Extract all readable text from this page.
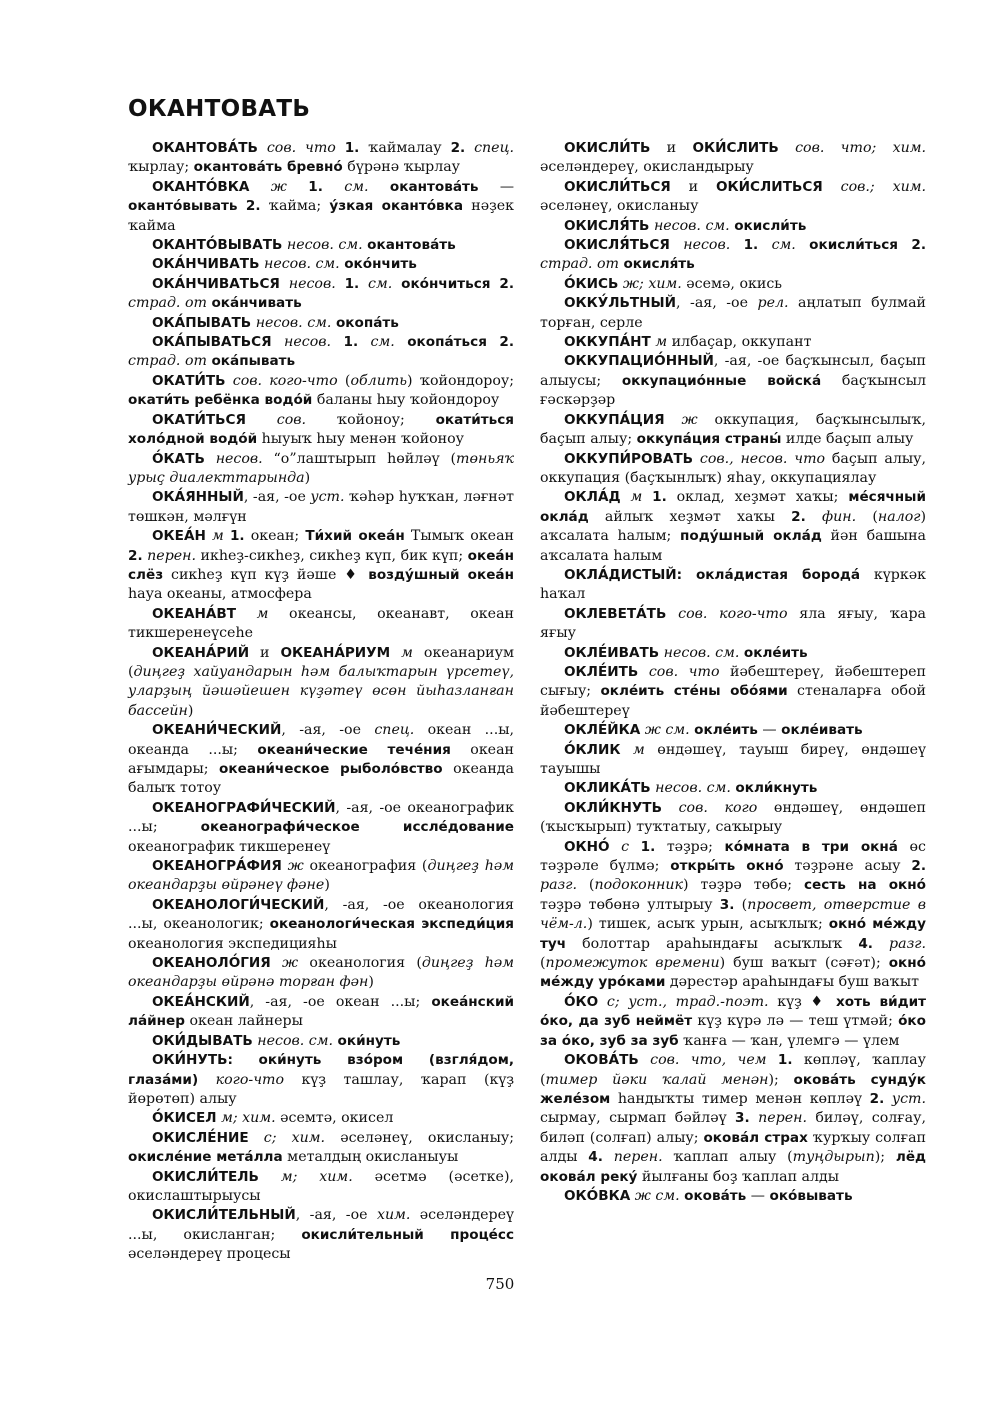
ОКАНТОВАТЬ

ОКАНТОВА́ТЬ сов. что 1. ҡаймалау 2. спец. ҡырлау; окантова́ть бревно́ бүрәнә ҡырлау

ОКАНТО́ВКА ж 1. см. окантова́ть — оканто́вывать 2. ҡайма; у́зкая оканто́вка нәҙек ҡайма

ОКАНТО́ВЫВАТЬ несов. см. окантова́ть

ОКА́НЧИВАТЬ несов. см. око́нчить

ОКА́НЧИВАТЬСЯ несов. 1. см. око́нчиться 2. страд. от ока́нчивать

ОКА́ПЫВАТЬ несов. см. окопа́ть

ОКА́ПЫВАТЬСЯ несов. 1. см. окопа́ться 2. страд. от ока́пывать

ОКАТИ́ТЬ сов. кого-что (облить) ҡойондороу; окати́ть ребёнка водо́й баланы һыу ҡойондороу

ОКАТИ́ТЬСЯ сов. ҡойоноу; окати́ться холо́дной водо́й һыуыҡ һыу менән ҡойоноу

О́КАТЬ несов. “о”лаштырып һөйләү (төньяҡ урыҫ диалекттарында)

ОКА́ЯННЫЙ, -ая, -ое уст. ҡәһәр һуҡҡан, ләғнәт төшкән, мәлғүн

ОКЕА́Н м 1. океан; Ти́хий океа́н Тымыҡ океан 2. перен. икһеҙ-сикһеҙ, сикһеҙ күп, бик күп; океа́н слёз сикһеҙ күп күҙ йәше ♦ возду́шный океа́н һауа океаны, атмосфера

ОКЕАНА́ВТ м океансы, океанавт, океан тикшеренеүсеһе

ОКЕАНА́РИЙ и ОКЕАНА́РИУМ м океанариум (диңгеҙ хайуандарын һәм балыҡтарын үрсетеү, уларҙың йәшәйешен күҙәтеү өсөн йыһазланған бассейн)

ОКЕАНИ́ЧЕСКИЙ, -ая, -ое спец. океан ...ы, океанда ...ы; океани́ческие тече́ния океан ағымдары; океани́ческое рыболо́вство океанда балыҡ тотоу

ОКЕАНОГРАФИ́ЧЕСКИЙ, -ая, -ое океанографик ...ы; океанографи́ческое иссле́дование океанографик тикшеренеү

ОКЕАНОГРА́ФИЯ ж океанография (диңгеҙ һәм океандарҙы өйрәнеү фәне)

ОКЕАНОЛОГИ́ЧЕСКИЙ, -ая, -ое океанология ...ы, океанологик; океанологи́ческая экспеди́ция океанология экспедицияһы

ОКЕАНОЛО́ГИЯ ж океанология (диңгеҙ һәм океандарҙы өйрәнә торған фән)

ОКЕА́НСКИЙ, -ая, -ое океан ...ы; океа́нский ла́йнер океан лайнеры

ОКИ́ДЫВАТЬ несов. см. оки́нуть

ОКИ́НУТЬ: оки́нуть взо́ром (взгля́дом, глаза́ми) кого-что күҙ ташлау, ҡарап (күҙ йөрөтөп) алыу

О́КИСЕЛ м; хим. әсемтә, окисел

ОКИСЛЕ́НИЕ с; хим. әселәнеү, окисланыу; окисле́ние мета́лла металдың окисланыуы

ОКИСЛИ́ТЕЛЬ м; хим. әсетмә (әсетке), окислаштырыусы

ОКИСЛИ́ТЕЛЬНЫЙ, -ая, -ое хим. әселәндереү ...ы, окисланган; окисли́тельный проце́сс әселәндереү процесы

ОКИСЛИ́ТЬ и ОКИ́СЛИТЬ сов. что; хим. әселәндереү, окисландырыу

ОКИСЛИ́ТЬСЯ и ОКИ́СЛИТЬСЯ сов.; хим. әселәнеү, окисланыу

ОКИСЛЯ́ТЬ несов. см. окисли́ть

ОКИСЛЯ́ТЬСЯ несов. 1. см. окисли́ться 2. страд. от окисля́ть

О́КИСЬ ж; хим. әсемә, окись

ОККУ́ЛЬТНЫЙ, -ая, -ое рел. аңлатып булмай торған, серле

ОККУПА́НТ м илбаҫар, оккупант

ОККУПАЦИО́ННЫЙ, -ая, -ое баҫҡынсыл, баҫып алыусы; оккупацио́нные войска́ баҫҡынсыл ғәскәрҙәр

ОККУПА́ЦИЯ ж оккупация, баҫҡынсылыҡ, баҫып алыу; оккупа́ция страны́ илде баҫып алыу

ОККУПИ́РОВАТЬ сов., несов. что баҫып алыу, оккупация (баҫҡынлыҡ) яһау, оккупациялау

ОКЛА́Д м 1. оклад, хеҙмәт хаҡы; ме́сячный окла́д айлыҡ хеҙмәт хаҡы 2. фин. (налог) аҡсалата һалым; поду́шный окла́д йән башына аҡсалата һалым

ОКЛА́ДИСТЫЙ: окла́дистая борода́ күркәк һаҡал

ОКЛЕВЕТА́ТЬ сов. кого-что яла яғыу, ҡара яғыу

ОКЛЕ́ИВАТЬ несов. см. окле́ить

ОКЛЕ́ИТЬ сов. что йәбештереү, йәбештереп сығыу; окле́ить сте́ны обо́ями стеналарға обой йәбештереү

ОКЛЕ́ЙКА ж см. окле́ить — окле́ивать

О́КЛИК м өндәшеү, тауыш биреү, өндәшеү тауышы

ОКЛИКА́ТЬ несов. см. окли́кнуть

ОКЛИ́КНУТЬ сов. кого өндәшеү, өндәшеп (ҡысҡырып) туҡтатыу, саҡырыу

ОКНО́ с 1. тәҙрә; ко́мната в три окна́ өс тәҙрәле бүлмә; откры́ть окно́ тәҙрәне асыу 2. разг. (подоконник) тәҙрә төбө; сесть на окно́ тәҙрә төбөнә ултырыу 3. (просвет, отверстие в чём-л.) тишек, асыҡ урын, асыҡлыҡ; окно́ ме́жду туч болоттар араһындағы асыҡлыҡ 4. разг. (промежуток времени) буш ваҡыт (сәғәт); окно́ ме́жду уро́ками дәрестәр араһындағы буш ваҡыт

О́КО с; уст., трад.-поэт. күҙ ♦ хоть ви́дит о́ко, да зуб неймёт күҙ күрә лә — теш үтмәй; о́ко за о́ко, зуб за зуб ҡанға — ҡан, үлемгә — үлем

ОКОВА́ТЬ сов. что, чем 1. көпләү, ҡаплау (тимер йәки ҡалай менән); окова́ть сунду́к желе́зом һандыҡты тимер менән көпләү 2. уст. сырмау, сырмап бәйләү 3. перен. биләү, солғау, биләп (солғап) алыу; окова́л страх ҡурҡыу солғап алды 4. перен. ҡаплап алыу (туңдырып); лёд окова́л реку́ йылғаны боҙ ҡаплап алды

ОКО́ВКА ж см. окова́ть — око́вывать

750
